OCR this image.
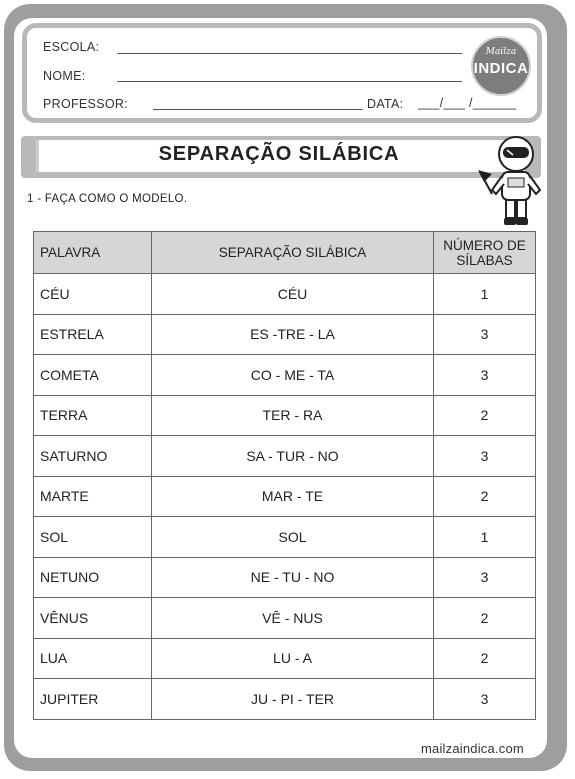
ESCOLA:
NOME:
PROFESSOR:	DATA: ___/___ /______
Mailza
INDICA
SEPARAÇÃO SILÁBICA
1 - FAÇA COMO O MODELO.
PALAVRA	SEPARAÇÃO SILÁBICA	NÚMERO DE
SÍLABAS
CÉU	CÉU	1
ESTRELA	ES -TRE - LA	3
COMETA	CO - ME - TA	3
TERRA	TER - RA	2
SATURNO	SA - TUR - NO	3
MARTE	MAR - TE	2
SOL	SOL	1
NETUNO	NE - TU - NO	3
VÊNUS	VÊ - NUS	2
LUA	LU - A	2
JUPITER	JU - PI - TER	3
mailzaindica.com
